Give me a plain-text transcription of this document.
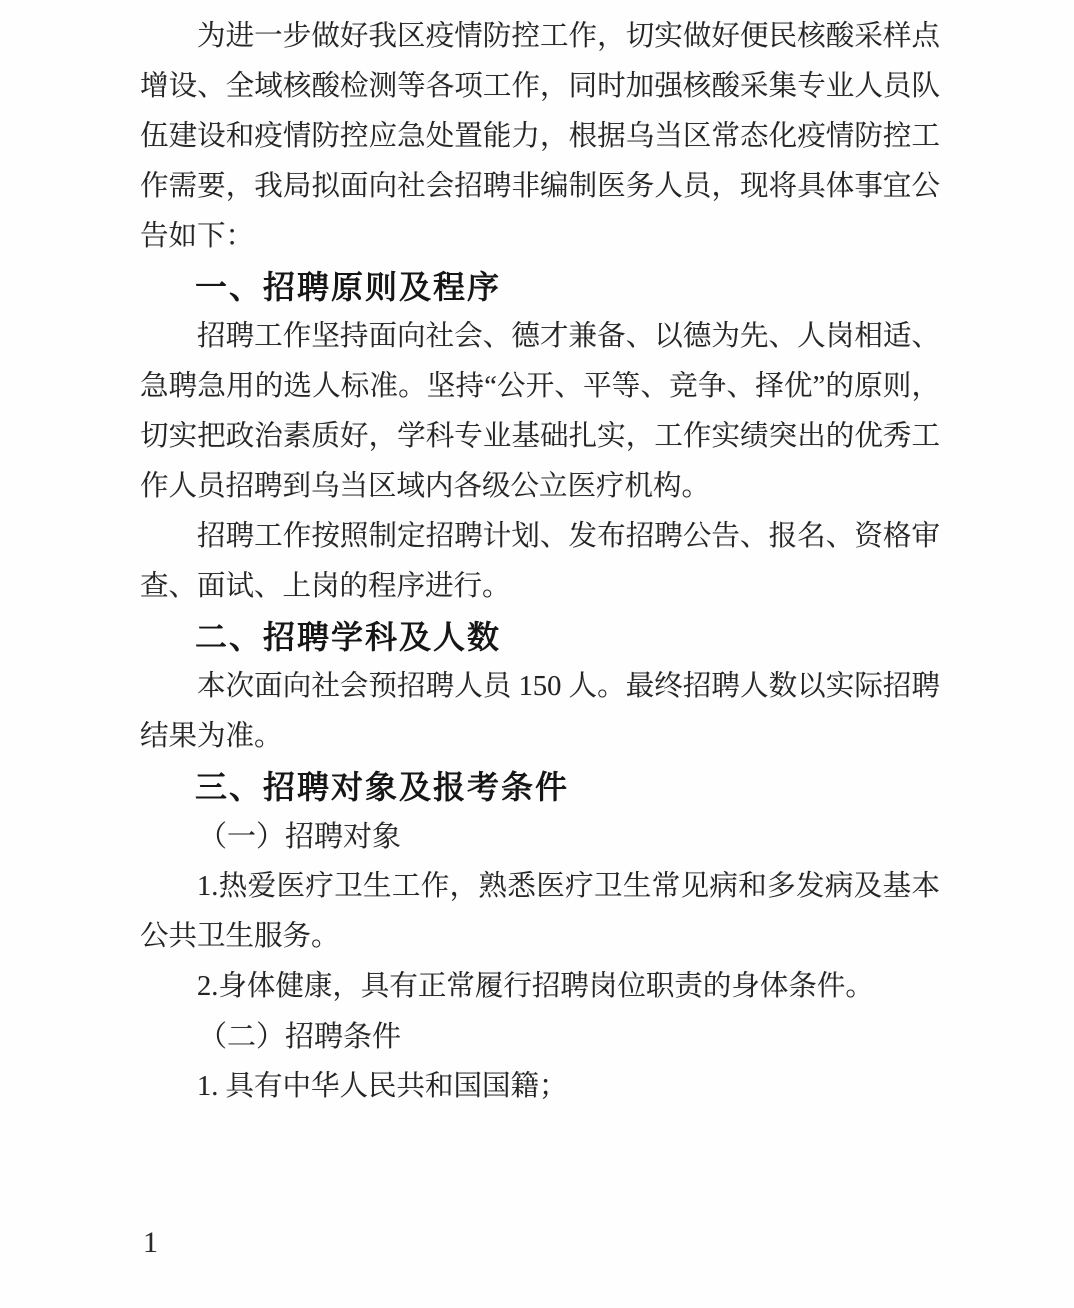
为进一步做好我区疫情防控工作，切实做好便民核酸采样点增设、全域核酸检测等各项工作，同时加强核酸采集专业人员队伍建设和疫情防控应急处置能力，根据乌当区常态化疫情防控工作需要，我局拟面向社会招聘非编制医务人员，现将具体事宜公告如下：

一、招聘原则及程序

招聘工作坚持面向社会、德才兼备、以德为先、人岗相适、急聘急用的选人标准。坚持“公开、平等、竞争、择优”的原则，切实把政治素质好，学科专业基础扎实，工作实绩突出的优秀工作人员招聘到乌当区域内各级公立医疗机构。

招聘工作按照制定招聘计划、发布招聘公告、报名、资格审查、面试、上岗的程序进行。

二、招聘学科及人数

本次面向社会预招聘人员 150 人。最终招聘人数以实际招聘结果为准。

三、招聘对象及报考条件

（一）招聘对象

1.热爱医疗卫生工作，熟悉医疗卫生常见病和多发病及基本公共卫生服务。

2.身体健康，具有正常履行招聘岗位职责的身体条件。

（二）招聘条件

1. 具有中华人民共和国国籍；

1
